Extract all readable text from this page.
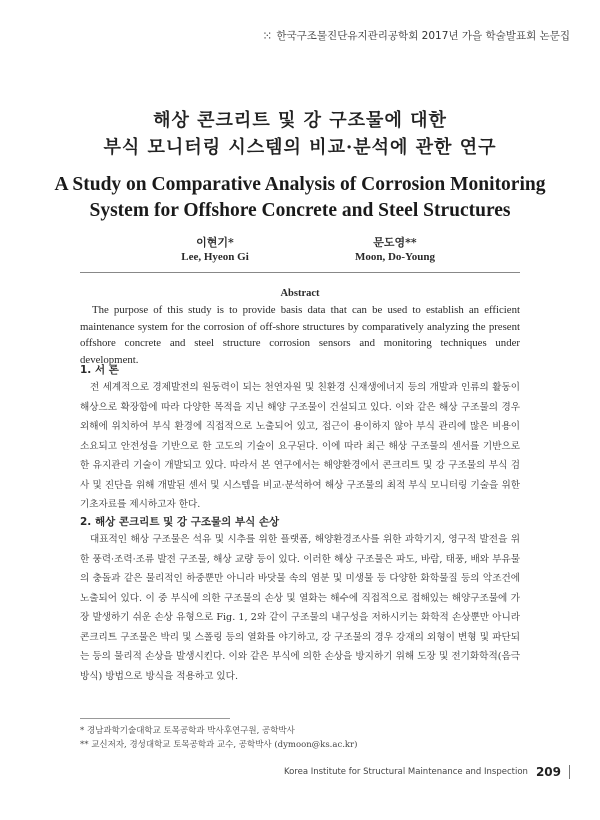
⁙ 한국구조물진단유지관리공학회 2017년 가을 학술발표회 논문집
해상 콘크리트 및 강 구조물에 대한
부식 모니터링 시스템의 비교·분석에 관한 연구
A Study on Comparative Analysis of Corrosion Monitoring
System for Offshore Concrete and Steel Structures
이현기*
Lee, Hyeon Gi
문도영**
Moon, Do-Young
Abstract
The purpose of this study is to provide basis data that can be used to establish an efficient maintenance system for the corrosion of off-shore structures by comparatively analyzing the present offshore concrete and steel structure corrosion sensors and monitoring techniques under development.
1. 서 론
전 세계적으로 경제발전의 원동력이 되는 천연자원 및 친환경 신재생에너지 등의 개발과 인류의 활동이 해상으로 확장함에 따라 다양한 목적을 지닌 해양 구조물이 건설되고 있다. 이와 같은 해상 구조물의 경우 외해에 위치하여 부식 환경에 직접적으로 노출되어 있고, 접근이 용이하지 않아 부식 관리에 많은 비용이 소요되고 안전성을 기반으로 한 고도의 기술이 요구된다. 이에 따라 최근 해상 구조물의 센서를 기반으로 한 유지관리 기술이 개발되고 있다. 따라서 본 연구에서는 해양환경에서 콘크리트 및 강 구조물의 부식 검사 및 진단을 위해 개발된 센서 및 시스템을 비교·분석하여 해상 구조물의 최적 부식 모니터링 기술을 위한 기초자료를 제시하고자 한다.
2. 해상 콘크리트 및 강 구조물의 부식 손상
대표적인 해상 구조물은 석유 및 시추를 위한 플랫폼, 해양환경조사를 위한 과학기지, 영구적 발전을 위한 풍력·조력·조류 발전 구조물, 해상 교량 등이 있다. 이러한 해상 구조물은 파도, 바람, 태풍, 배와 부유물의 충돌과 같은 물리적인 하중뿐만 아니라 바닷물 속의 염분 및 미생물 등 다양한 화학물질 등의 악조건에 노출되어 있다. 이 중 부식에 의한 구조물의 손상 및 열화는 해수에 직접적으로 접해있는 해양구조물에 가장 발생하기 쉬운 손상 유형으로 Fig. 1, 2와 같이 구조물의 내구성을 저하시키는 화학적 손상뿐만 아니라 콘크리트 구조물은 박리 및 스폴링 등의 열화를 야기하고, 강 구조물의 경우 강재의 외형이 변형 및 파단되는 등의 물리적 손상을 발생시킨다. 이와 같은 부식에 의한 손상을 방지하기 위해 도장 및 전기화학적(음극방식) 방법으로 방식을 적용하고 있다.
* 경남과학기술대학교 토목공학과 박사후연구원, 공학박사
** 교신저자, 경성대학교 토목공학과 교수, 공학박사 (dymoon@ks.ac.kr)
Korea Institute for Structural Maintenance and Inspection 209
